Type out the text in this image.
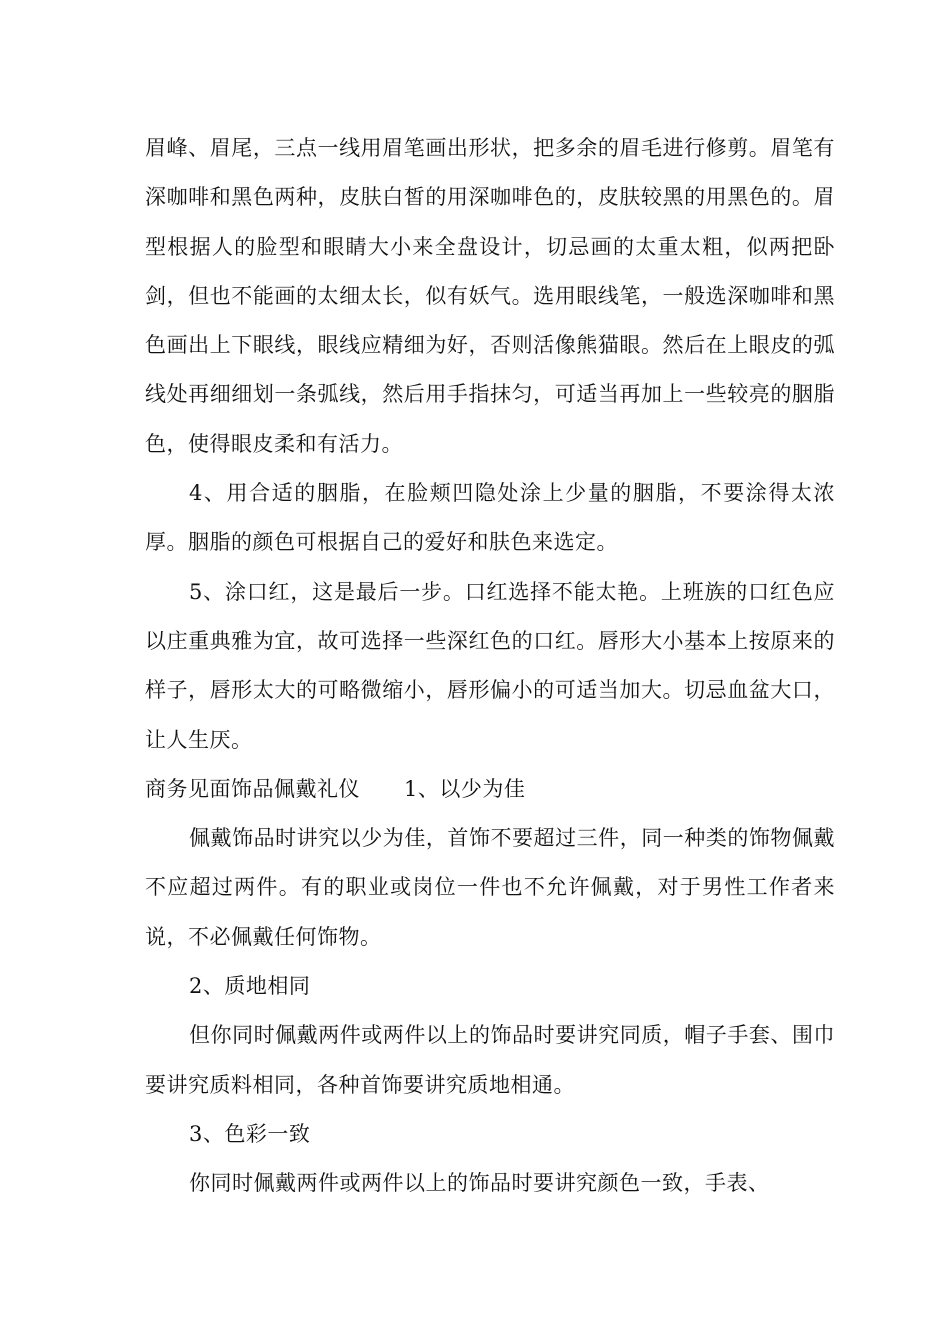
眉峰、眉尾，三点一线用眉笔画出形状，把多余的眉毛进行修剪。眉笔有深咖啡和黑色两种，皮肤白皙的用深咖啡色的，皮肤较黑的用黑色的。眉型根据人的脸型和眼睛大小来全盘设计，切忌画的太重太粗，似两把卧剑，但也不能画的太细太长，似有妖气。选用眼线笔，一般选深咖啡和黑色画出上下眼线，眼线应精细为好，否则活像熊猫眼。然后在上眼皮的弧线处再细细划一条弧线，然后用手指抹匀，可适当再加上一些较亮的胭脂色，使得眼皮柔和有活力。

4、用合适的胭脂，在脸颊凹隐处涂上少量的胭脂，不要涂得太浓厚。胭脂的颜色可根据自己的爱好和肤色来选定。

5、涂口红，这是最后一步。口红选择不能太艳。上班族的口红色应以庄重典雅为宜，故可选择一些深红色的口红。唇形大小基本上按原来的样子，唇形太大的可略微缩小，唇形偏小的可适当加大。切忌血盆大口，让人生厌。

商务见面饰品佩戴礼仪 1、以少为佳

佩戴饰品时讲究以少为佳，首饰不要超过三件，同一种类的饰物佩戴不应超过两件。有的职业或岗位一件也不允许佩戴，对于男性工作者来说，不必佩戴任何饰物。

2、质地相同

但你同时佩戴两件或两件以上的饰品时要讲究同质，帽子手套、围巾要讲究质料相同，各种首饰要讲究质地相通。

3、色彩一致

你同时佩戴两件或两件以上的饰品时要讲究颜色一致，手表、
